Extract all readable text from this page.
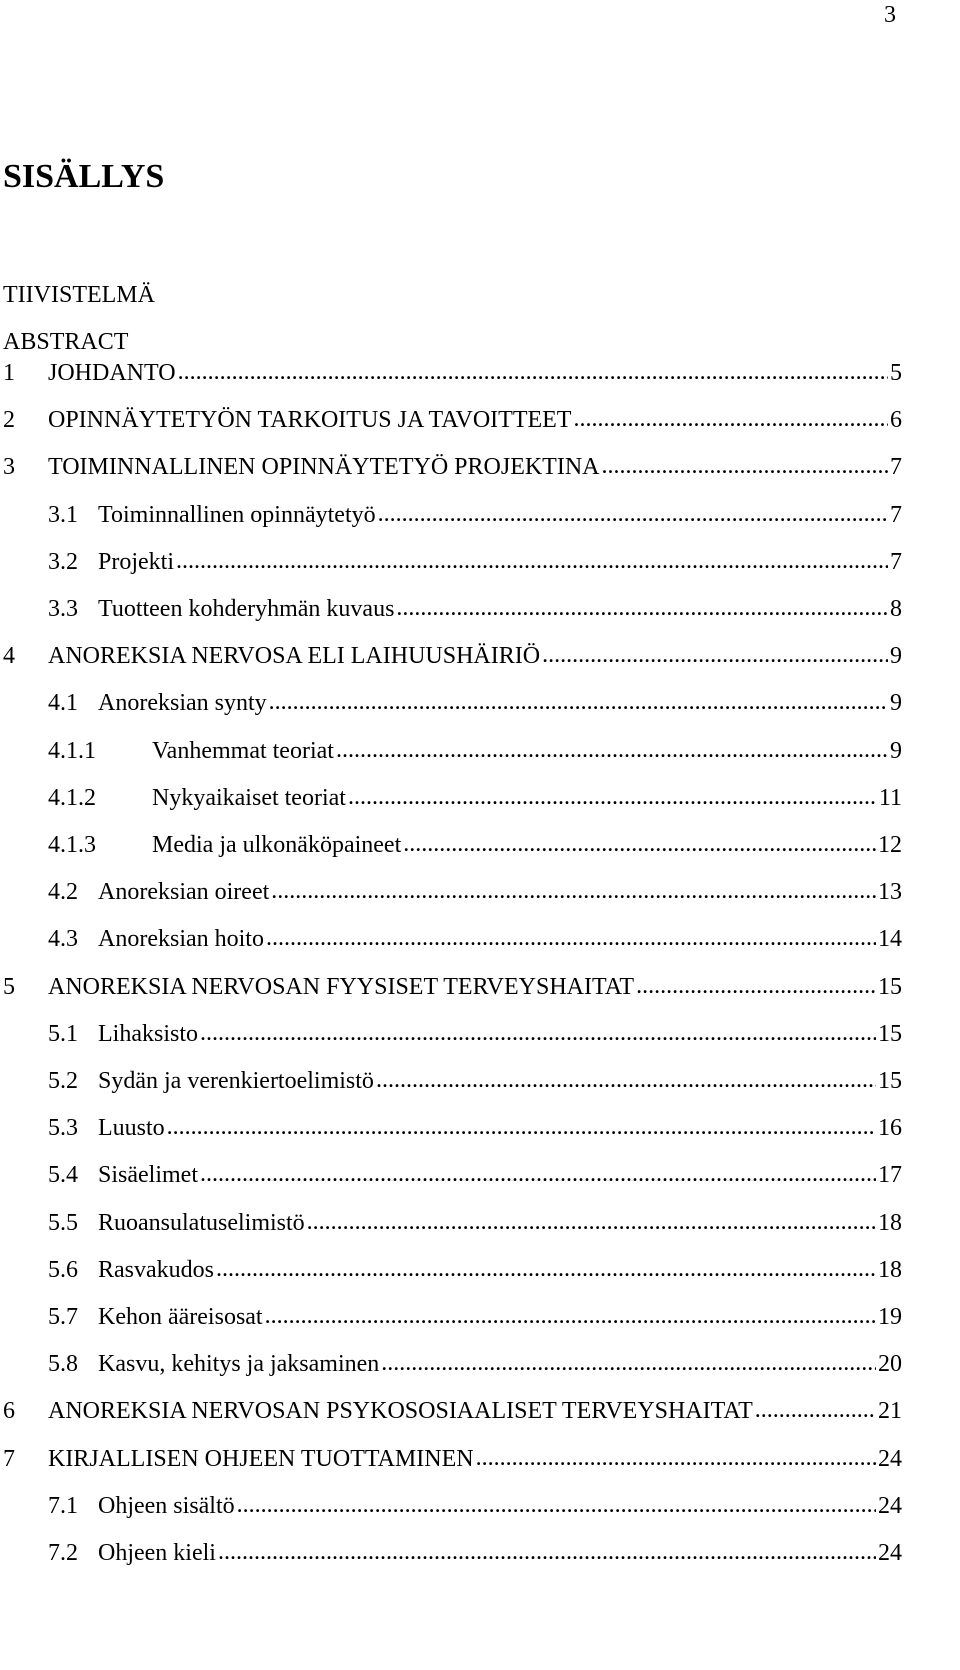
3
SISÄLLYS
TIIVISTELMÄ
ABSTRACT
1	JOHDANTO .....	5
2	OPINNÄYTETYÖN TARKOITUS JA TAVOITTEET .....	6
3	TOIMINNALLINEN OPINNÄYTETYÖ PROJEKTINA .....	7
3.1 Toiminnallinen opinnäytetyö .....	7
3.2 Projekti .....	7
3.3 Tuotteen kohderyhmän kuvaus .....	8
4	ANOREKSIA NERVOSA ELI LAIHUUSHÄIRIÖ .....	9
4.1 Anoreksian synty .....	9
4.1.1	Vanhemmat teoriat .....	9
4.1.2	Nykyaikaiset teoriat .....	11
4.1.3	Media ja ulkonäköpaineet .....	12
4.2 Anoreksian oireet .....	13
4.3 Anoreksian hoito .....	14
5	ANOREKSIA NERVOSAN FYYSISET TERVEYSHAITAT .....	15
5.1 Lihaksisto .....	15
5.2 Sydän ja verenkiertoelimistö .....	15
5.3 Luusto .....	16
5.4 Sisäelimet .....	17
5.5 Ruoansulatuselimistö .....	18
5.6 Rasvakudos .....	18
5.7 Kehon ääreisosat .....	19
5.8 Kasvu, kehitys ja jaksaminen .....	20
6	ANOREKSIA NERVOSAN PSYKOSOSIAALISET TERVEYSHAITAT .....	21
7	KIRJALLISEN OHJEEN TUOTTAMINEN .....	24
7.1 Ohjeen sisältö .....	24
7.2 Ohjeen kieli .....	24
